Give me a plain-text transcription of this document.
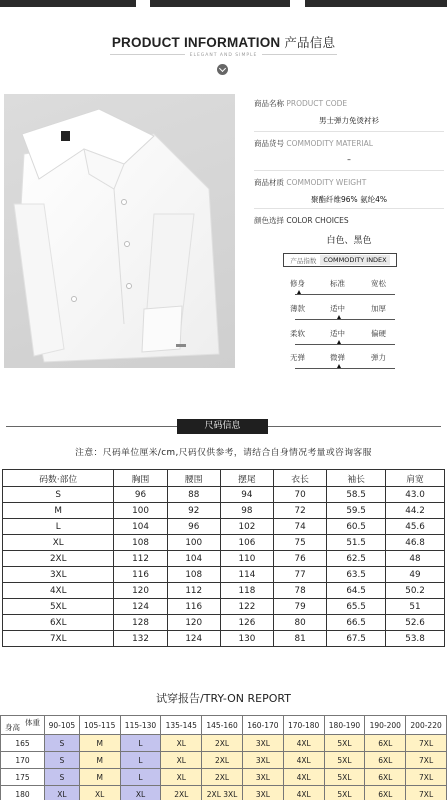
PRODUCT INFORMATION 产品信息
ELEGANT AND SIMPLE
商品名称 PRODUCT CODE
男士弹力免烫衬衫
商品货号 COMMODITY MATERIAL
–
商品材质 COMMODITY WEIGHT
聚酯纤维96% 氨纶4%
颜色选择 COLOR CHOICES
白色、黑色
产品指数	COMMODITY INDEX
修身	标准	宽松
薄款	适中	加厚
柔软	适中	偏硬
无弹	微弹	弹力
尺码信息
注意：尺码单位厘米/cm,尺码仅供参考，请结合自身情况考量或咨询客服
码数·部位	胸围	腰围	摆尾	衣长	袖长	肩宽
S	96	88	94	70	58.5	43.0
M	100	92	98	72	59.5	44.2
L	104	96	102	74	60.5	45.6
XL	108	100	106	75	51.5	46.8
2XL	112	104	110	76	62.5	48
3XL	116	108	114	77	63.5	49
4XL	120	112	118	78	64.5	50.2
5XL	124	116	122	79	65.5	51
6XL	128	120	126	80	66.5	52.6
7XL	132	124	130	81	67.5	53.8
试穿报告/TRY-ON REPORT
体重
身高	90-105	105-115	115-130	135-145	145-160	160-170	170-180	180-190	190-200	200-220
165	S	M	L	XL	2XL	3XL	4XL	5XL	6XL	7XL
170	S	M	L	XL	2XL	3XL	4XL	5XL	6XL	7XL
175	S	M	L	XL	2XL	3XL	4XL	5XL	6XL	7XL
180	XL	XL	XL	2XL	2XL 3XL	3XL	4XL	5XL	6XL	7XL
